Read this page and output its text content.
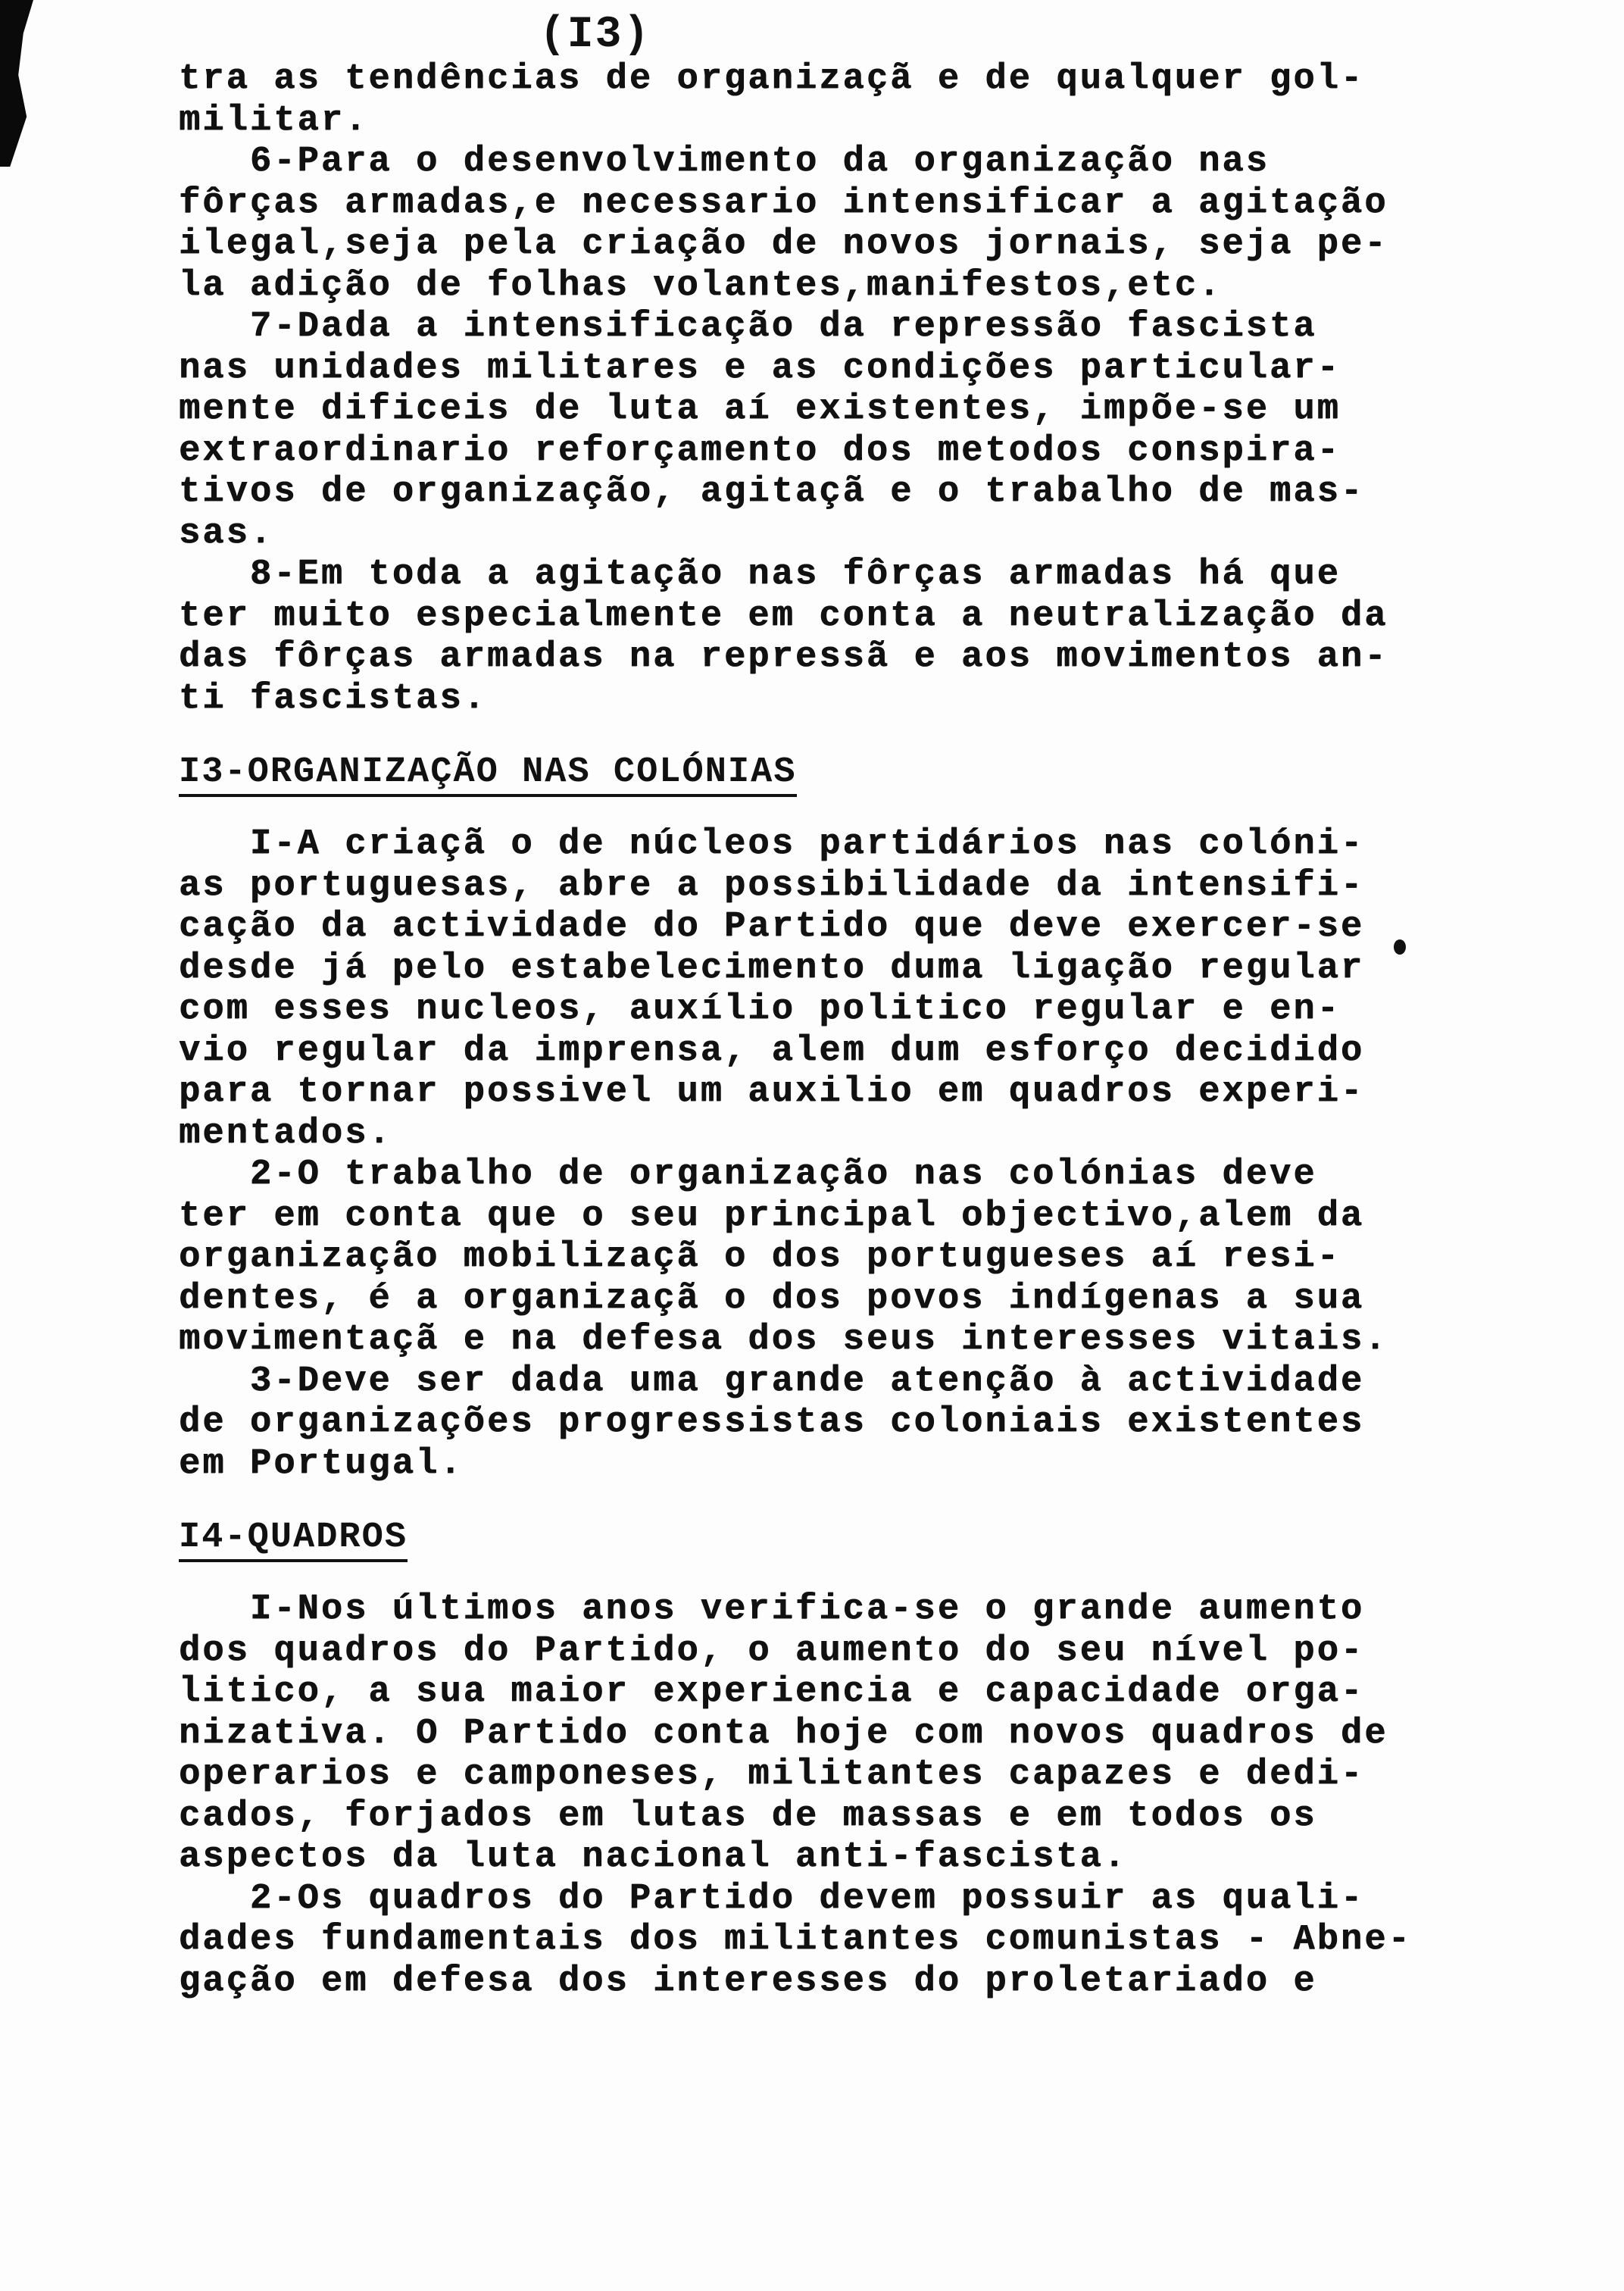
(I3)
tra as tendências de organizaçã e de qualquer gol-
militar.
6-Para o desenvolvimento da organização nas
fôrças armadas,e necessario intensificar a agitação
ilegal,seja pela criação de novos jornais, seja pe-
la adição de folhas volantes,manifestos,etc.
7-Dada a intensificação da repressão fascista
nas unidades militares e as condições particular-
mente dificeis de luta aí existentes, impõe-se um
extraordinario reforçamento dos metodos conspira-
tivos de organização, agitaçã e o trabalho de mas-
sas.
8-Em toda a agitação nas fôrças armadas há que
ter muito especialmente em conta a neutralização da
das fôrças armadas na repressã e aos movimentos an-
ti fascistas.
I3-ORGANIZAÇÃO NAS COLÓNIAS
I-A criaçã o de núcleos partidários nas colóni-
as portuguesas, abre a possibilidade da intensifi-
cação da actividade do Partido que deve exercer-se
desde já pelo estabelecimento duma ligação regular
com esses nucleos, auxílio politico regular e en-
vio regular da imprensa, alem dum esforço decidido
para tornar possivel um auxilio em quadros experi-
mentados.
2-O trabalho de organização nas colónias deve
ter em conta que o seu principal objectivo,alem da
organização mobilizaçã o dos portugueses aí resi-
dentes, é a organizaçã o dos povos indígenas a sua
movimentaçã e na defesa dos seus interesses vitais.
3-Deve ser dada uma grande atenção à actividade
de organizações progressistas coloniais existentes
em Portugal.
I4-QUADROS
I-Nos últimos anos verifica-se o grande aumento
dos quadros do Partido, o aumento do seu nível po-
litico, a sua maior experiencia e capacidade orga-
nizativa. O Partido conta hoje com novos quadros de
operarios e camponeses, militantes capazes e dedi-
cados, forjados em lutas de massas e em todos os
aspectos da luta nacional anti-fascista.
2-Os quadros do Partido devem possuir as quali-
dades fundamentais dos militantes comunistas - Abne-
gação em defesa dos interesses do proletariado e
